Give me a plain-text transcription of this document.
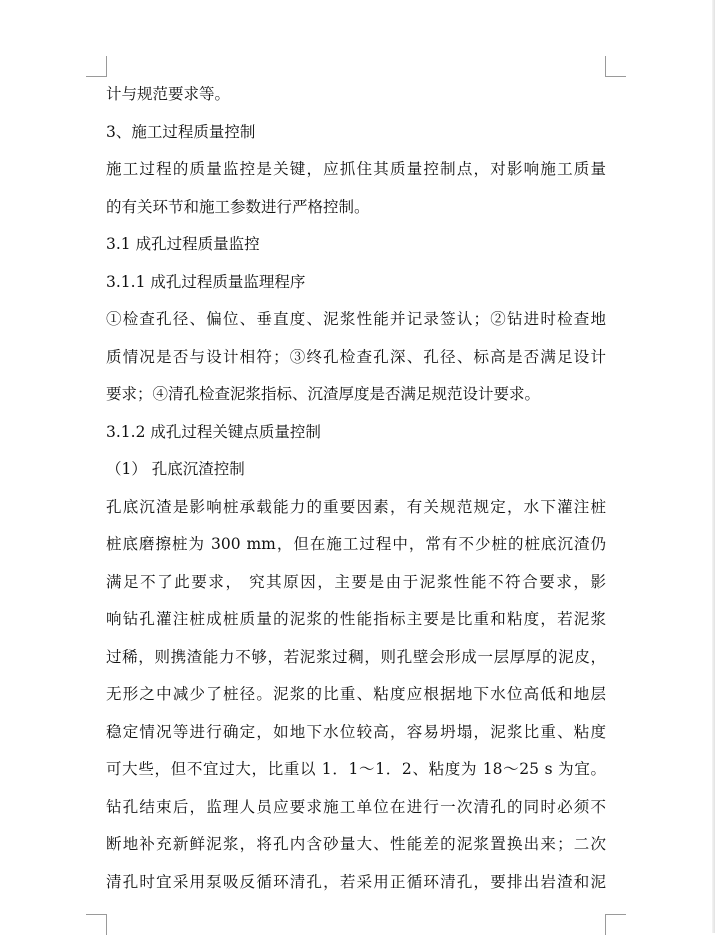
计与规范要求等。
3、施工过程质量控制
施工过程的质量监控是关键，应抓住其质量控制点，对影响施工质量
的有关环节和施工参数进行严格控制。
3.1 成孔过程质量监控
3.1.1 成孔过程质量监理程序
①检查孔径、偏位、垂直度、泥浆性能并记录签认；②钻进时检查地
质情况是否与设计相符；③终孔检查孔深、孔径、标高是否满足设计
要求；④清孔检查泥浆指标、沉渣厚度是否满足规范设计要求。
3.1.2 成孔过程关键点质量控制
（1） 孔底沉渣控制
孔底沉渣是影响桩承载能力的重要因素，有关规范规定，水下灌注桩
桩底磨擦桩为 300 mm，但在施工过程中，常有不少桩的桩底沉渣仍
满足不了此要求， 究其原因，主要是由于泥浆性能不符合要求，影
响钻孔灌注桩成桩质量的泥浆的性能指标主要是比重和粘度，若泥浆
过稀，则携渣能力不够，若泥浆过稠，则孔壁会形成一层厚厚的泥皮，
无形之中减少了桩径。泥浆的比重、粘度应根据地下水位高低和地层
稳定情况等进行确定，如地下水位较高，容易坍塌，泥浆比重、粘度
可大些，但不宜过大，比重以 1．1～1．2、粘度为 18～25 s 为宜。
钻孔结束后，监理人员应要求施工单位在进行一次清孔的同时必须不
断地补充新鲜泥浆，将孔内含砂量大、性能差的泥浆置换出来；二次
清孔时宜采用泵吸反循环清孔，若采用正循环清孔，要排出岩渣和泥
